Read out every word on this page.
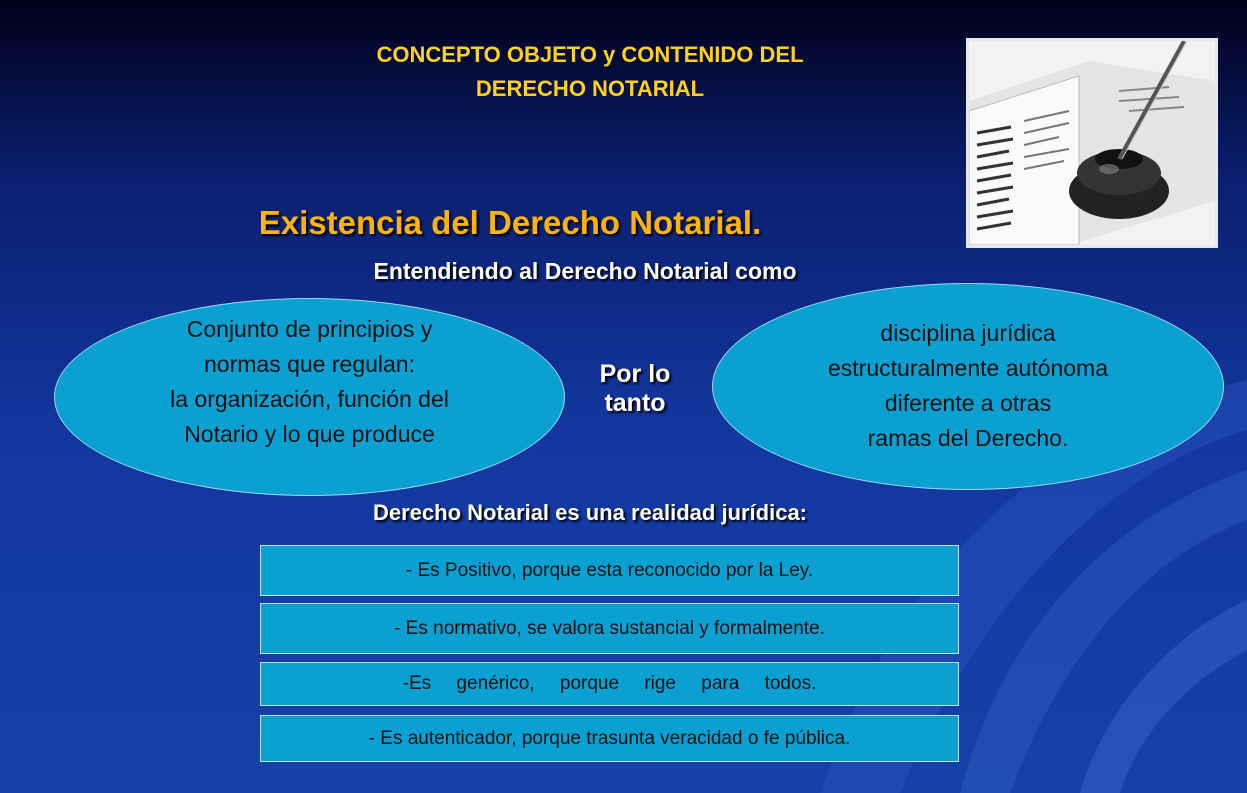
CONCEPTO OBJETO y CONTENIDO DEL
DERECHO NOTARIAL
Existencia del Derecho Notarial.
Entendiendo al Derecho Notarial como
Conjunto de principios y
normas que regulan:
la organización, función del
Notario y lo que produce
Por lo
tanto
disciplina jurídica
estructuralmente autónoma
diferente a otras
ramas del Derecho.
Derecho Notarial es una realidad jurídica:
- Es Positivo, porque esta reconocido por la Ley.
- Es normativo, se valora sustancial y formalmente.
-Es genérico, porque rige para todos.
- Es autenticador, porque trasunta veracidad o fe pública.
